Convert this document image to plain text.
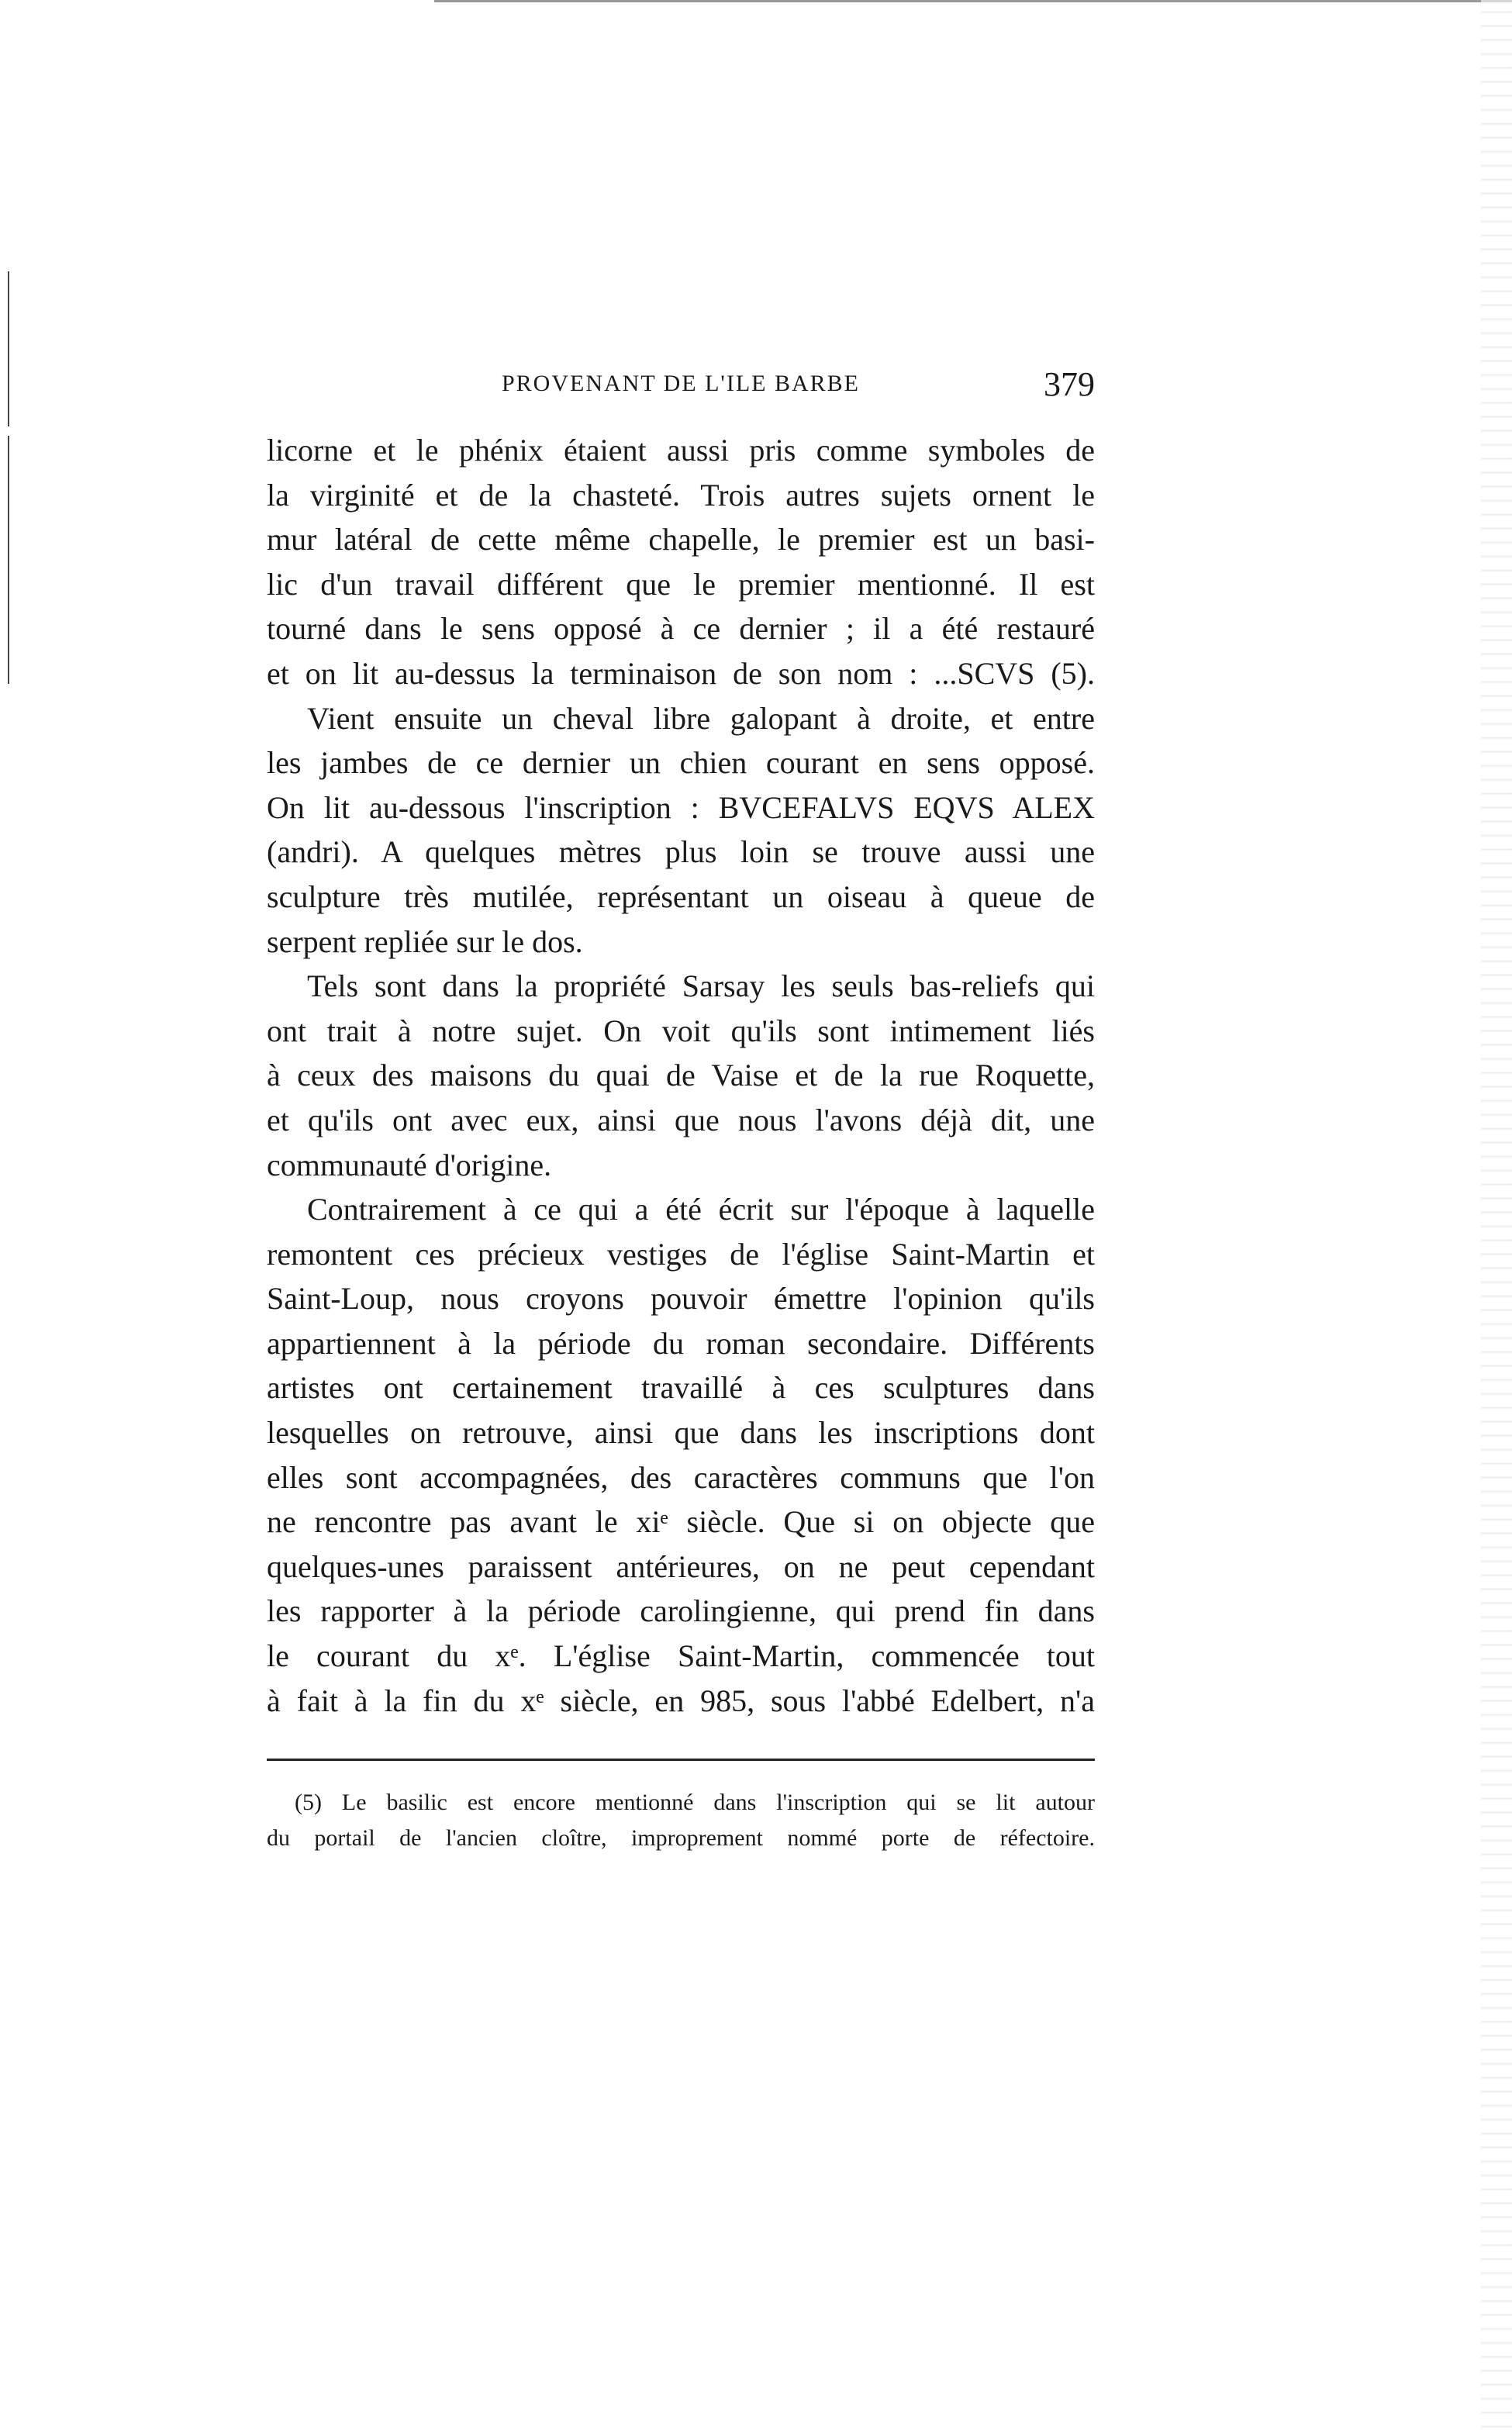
PROVENANT DE L'ILE BARBE	379
licorne et le phénix étaient aussi pris comme symboles de
la virginité et de la chasteté. Trois autres sujets ornent le
mur latéral de cette même chapelle, le premier est un basi-
lic d'un travail différent que le premier mentionné. Il est
tourné dans le sens opposé à ce dernier ; il a été restauré
et on lit au-dessus la terminaison de son nom : ...SCVS (5).
Vient ensuite un cheval libre galopant à droite, et entre
les jambes de ce dernier un chien courant en sens opposé.
On lit au-dessous l'inscription : BVCEFALVS EQVS ALEX
(andri). A quelques mètres plus loin se trouve aussi une
sculpture très mutilée, représentant un oiseau à queue de
serpent repliée sur le dos.
Tels sont dans la propriété Sarsay les seuls bas-reliefs qui
ont trait à notre sujet. On voit qu'ils sont intimement liés
à ceux des maisons du quai de Vaise et de la rue Roquette,
et qu'ils ont avec eux, ainsi que nous l'avons déjà dit, une
communauté d'origine.
Contrairement à ce qui a été écrit sur l'époque à laquelle
remontent ces précieux vestiges de l'église Saint-Martin et
Saint-Loup, nous croyons pouvoir émettre l'opinion qu'ils
appartiennent à la période du roman secondaire. Différents
artistes ont certainement travaillé à ces sculptures dans
lesquelles on retrouve, ainsi que dans les inscriptions dont
elles sont accompagnées, des caractères communs que l'on
ne rencontre pas avant le xiᵉ siècle. Que si on objecte que
quelques-unes paraissent antérieures, on ne peut cependant
les rapporter à la période carolingienne, qui prend fin dans
le courant du xᵉ. L'église Saint-Martin, commencée tout
à fait à la fin du xᵉ siècle, en 985, sous l'abbé Edelbert, n'a
(5) Le basilic est encore mentionné dans l'inscription qui se lit autour
du portail de l'ancien cloître, improprement nommé porte de réfectoire.
